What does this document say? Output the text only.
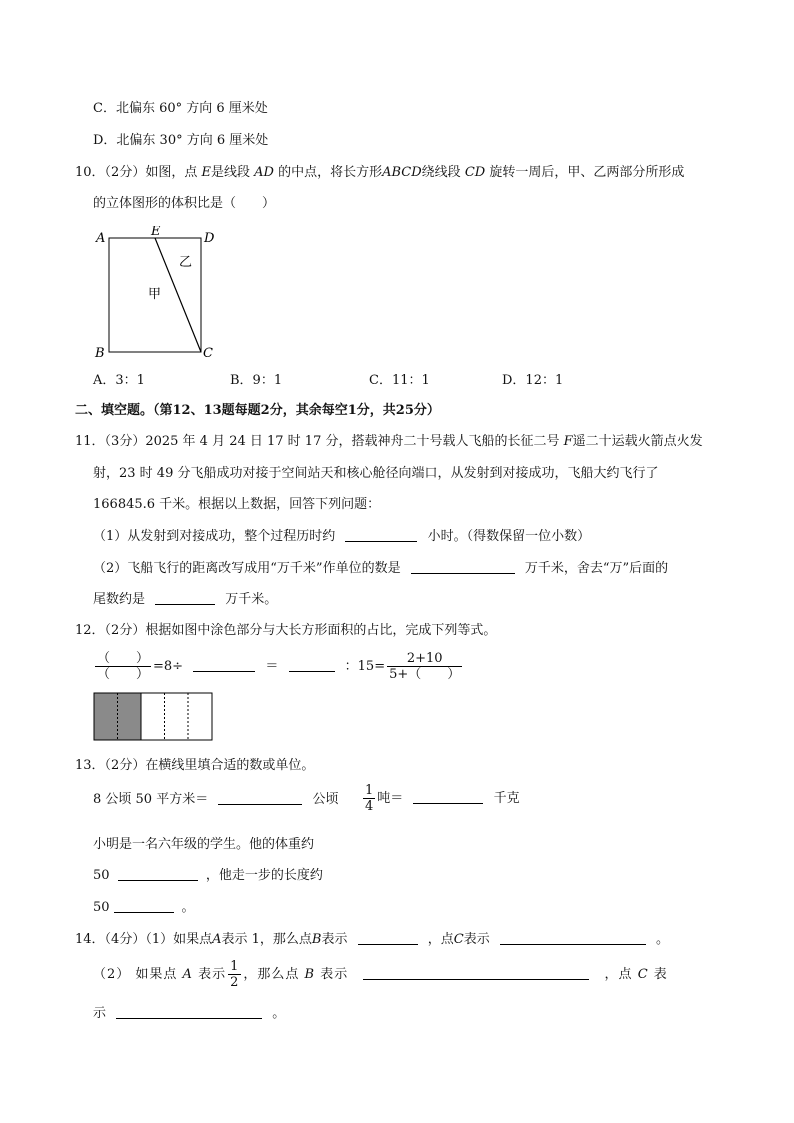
C．北偏东 60° 方向 6 厘米处
D．北偏东 30° 方向 6 厘米处
10．（2分）如图，点 E是线段 AD 的中点，将长方形ABCD绕线段 CD 旋转一周后，甲、乙两部分所形成
的立体图形的体积比是（　　）
A	E	D
B	C
甲
乙
A．3：1	B．9：1	C．11：1	D．12：1
二、填空题。（第12、13题每题2分，其余每空1分，共25分）
11．（3分）2025 年 4 月 24 日 17 时 17 分，搭载神舟二十号载人飞船的长征二号 F遥二十运载火箭点火发
射，23 时 49 分飞船成功对接于空间站天和核心舱径向端口，从发射到对接成功，飞船大约飞行了
166845.6 千米。根据以上数据，回答下列问题：
（1）从发射到对接成功，整个过程历时约	小时。（得数保留一位小数）
（2）飞船飞行的距离改写成用“万千米”作单位的数是	万千米，舍去“万”后面的
尾数约是	万千米。
12．（2分）根据如图中涂色部分与大长方形面积的占比，完成下列等式。
$\frac{( )}{( )} =8\div$	＝	：$15= \frac{2+10}{5+( )}$
13．（2分）在横线里填合适的数或单位。
8 公顷 50 平方米＝	公顷 $\frac{1}{4}$ 吨＝	千克
小明是一名六年级的学生。他的体重约
50	，他走一步的长度约
50	。
14．（4分）（1）如果点A表示 1，那么点B表示	，点C表示	。
（2） 如果点 A 表示 $\frac{1}{2}$ ，那么点 B 表示	，点 C 表
示	。
